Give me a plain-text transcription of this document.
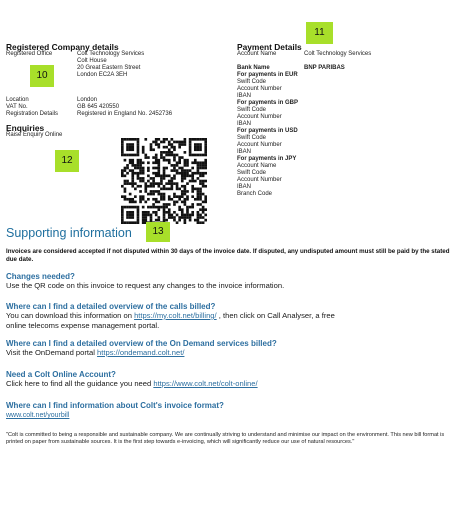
Registered Company details
Registered Office	Colt Technology Services
Colt House
20 Great Eastern Street
London EC2A 3EH
10
Location	London
VAT No.	GB 645 420550
Registration Details	Registered in England No. 2452736
Enquiries
Raise Enquiry Online
12
11
Payment Details
Account Name	Colt Technology Services
Bank Name	BNP PARIBAS
For payments in EUR
Swift Code
Account Number
IBAN
For payments in GBP
Swift Code
Account Number
IBAN
For payments in USD
Swift Code
Account Number
IBAN
For payments in JPY
Account Name
Swift Code
Account Number
IBAN
Branch Code
Supporting information	13
Invoices are considered accepted if not disputed within 30 days of the invoice date. If disputed, any undisputed amount must still be paid by the stated due date.
Changes needed?
Use the QR code on this invoice to request any changes to the invoice information.
Where can I find a detailed overview of the calls billed?
You can download this information on https://my.colt.net/billing/ , then click on Call Analyser, a free online telecoms expense management portal.
Where can I find a detailed overview of the On Demand services billed?
Visit the OnDemand portal https://ondemand.colt.net/
Need a Colt Online Account?
Click here to find all the guidance you need https://www.colt.net/colt-online/
Where can I find information about Colt's invoice format?
www.colt.net/yourbill
"Colt is committed to being a responsible and sustainable company. We are continually striving to understand and minimise our impact on the environment. This new bill format is printed on paper from sustainable sources. It is the first step towards e-invoicing, which will significantly reduce our use of natural resources."
